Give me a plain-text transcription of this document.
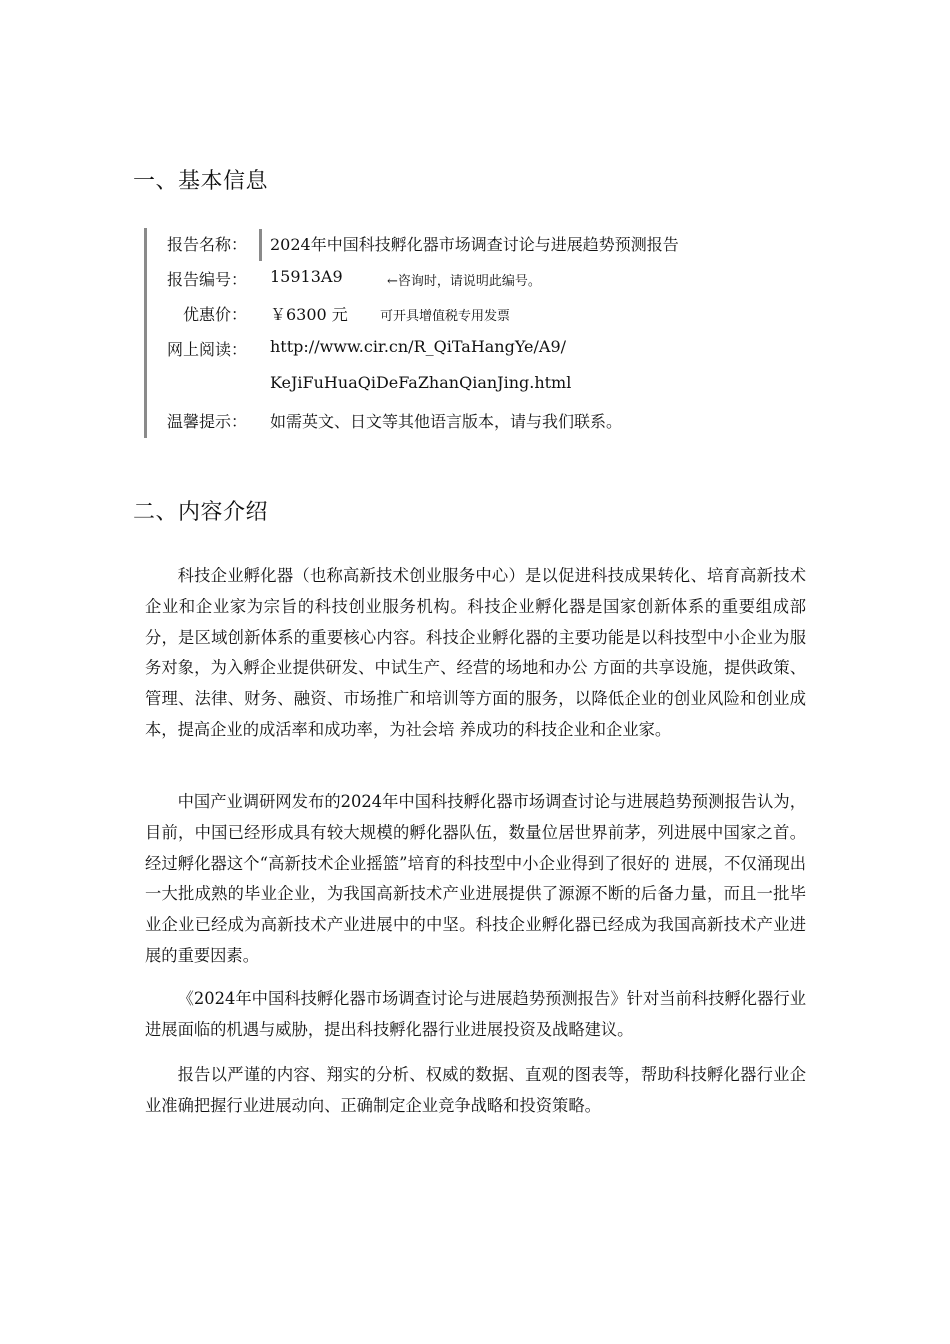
一、基本信息
报告名称： 2024年中国科技孵化器市场调查讨论与进展趋势预测报告
报告编号： 15913A9	←咨询时，请说明此编号。
优惠价： ￥6300 元 可开具增值税专用发票
网上阅读： http://www.cir.cn/R_QiTaHangYe/A9/
KeJiFuHuaQiDeFaZhanQianJing.html
温馨提示： 如需英文、日文等其他语言版本，请与我们联系。
二、内容介绍

科技企业孵化器（也称高新技术创业服务中心）是以促进科技成果转化、培育高新技术企业和企业家为宗旨的科技创业服务机构。科技企业孵化器是国家创新体系的重要组成部分，是区域创新体系的重要核心内容。科技企业孵化器的主要功能是以科技型中小企业为服务对象，为入孵企业提供研发、中试生产、经营的场地和办公 方面的共享设施，提供政策、管理、法律、财务、融资、市场推广和培训等方面的服务，以降低企业的创业风险和创业成本，提高企业的成活率和成功率，为社会培 养成功的科技企业和企业家。

中国产业调研网发布的2024年中国科技孵化器市场调查讨论与进展趋势预测报告认为，目前，中国已经形成具有较大规模的孵化器队伍，数量位居世界前茅，列进展中国家之首。经过孵化器这个“高新技术企业摇篮”培育的科技型中小企业得到了很好的 进展，不仅涌现出一大批成熟的毕业企业，为我国高新技术产业进展提供了源源不断的后备力量，而且一批毕业企业已经成为高新技术产业进展中的中坚。科技企业孵化器已经成为我国高新技术产业进展的重要因素。

《2024年中国科技孵化器市场调查讨论与进展趋势预测报告》针对当前科技孵化器行业进展面临的机遇与威胁，提出科技孵化器行业进展投资及战略建议。

报告以严谨的内容、翔实的分析、权威的数据、直观的图表等，帮助科技孵化器行业企业准确把握行业进展动向、正确制定企业竞争战略和投资策略。
